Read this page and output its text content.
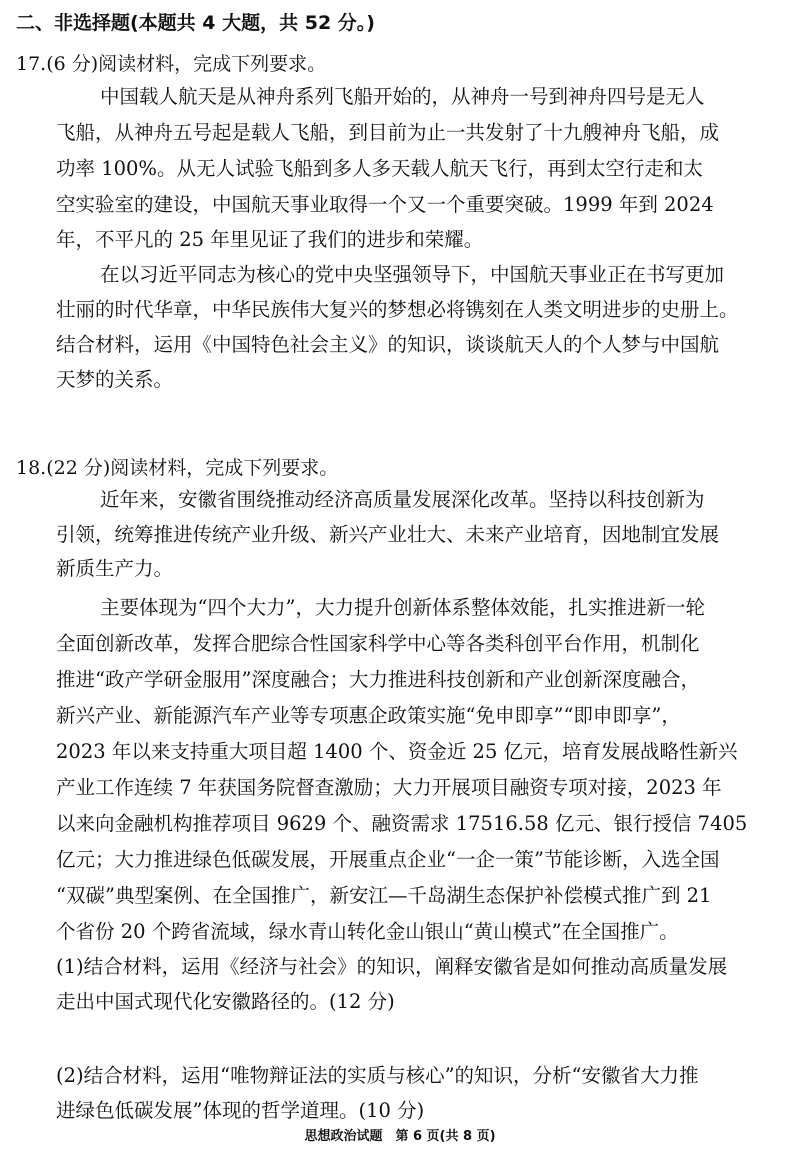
二、非选择题(本题共 4 大题，共 52 分。)
17.(6 分)阅读材料，完成下列要求。
中国载人航天是从神舟系列飞船开始的，从神舟一号到神舟四号是无人
飞船，从神舟五号起是载人飞船，到目前为止一共发射了十九艘神舟飞船，成
功率 100%。从无人试验飞船到多人多天载人航天飞行，再到太空行走和太
空实验室的建设，中国航天事业取得一个又一个重要突破。1999 年到 2024
年，不平凡的 25 年里见证了我们的进步和荣耀。
在以习近平同志为核心的党中央坚强领导下，中国航天事业正在书写更加
壮丽的时代华章，中华民族伟大复兴的梦想必将镌刻在人类文明进步的史册上。
结合材料，运用《中国特色社会主义》的知识，谈谈航天人的个人梦与中国航
天梦的关系。
18.(22 分)阅读材料，完成下列要求。
近年来，安徽省围绕推动经济高质量发展深化改革。坚持以科技创新为
引领，统筹推进传统产业升级、新兴产业壮大、未来产业培育，因地制宜发展
新质生产力。
主要体现为“四个大力”，大力提升创新体系整体效能，扎实推进新一轮
全面创新改革，发挥合肥综合性国家科学中心等各类科创平台作用，机制化
推进“政产学研金服用”深度融合；大力推进科技创新和产业创新深度融合，
新兴产业、新能源汽车产业等专项惠企政策实施“免申即享”“即申即享”，
2023 年以来支持重大项目超 1400 个、资金近 25 亿元，培育发展战略性新兴
产业工作连续 7 年获国务院督查激励；大力开展项目融资专项对接，2023 年
以来向金融机构推荐项目 9629 个、融资需求 17516.58 亿元、银行授信 7405
亿元；大力推进绿色低碳发展，开展重点企业“一企一策”节能诊断，入选全国
“双碳”典型案例、在全国推广，新安江—千岛湖生态保护补偿模式推广到 21
个省份 20 个跨省流域，绿水青山转化金山银山“黄山模式”在全国推广。
(1)结合材料，运用《经济与社会》的知识，阐释安徽省是如何推动高质量发展
走出中国式现代化安徽路径的。(12 分)
(2)结合材料，运用“唯物辩证法的实质与核心”的知识，分析“安徽省大力推
进绿色低碳发展”体现的哲学道理。(10 分)
思想政治试题　第 6 页(共 8 页)
